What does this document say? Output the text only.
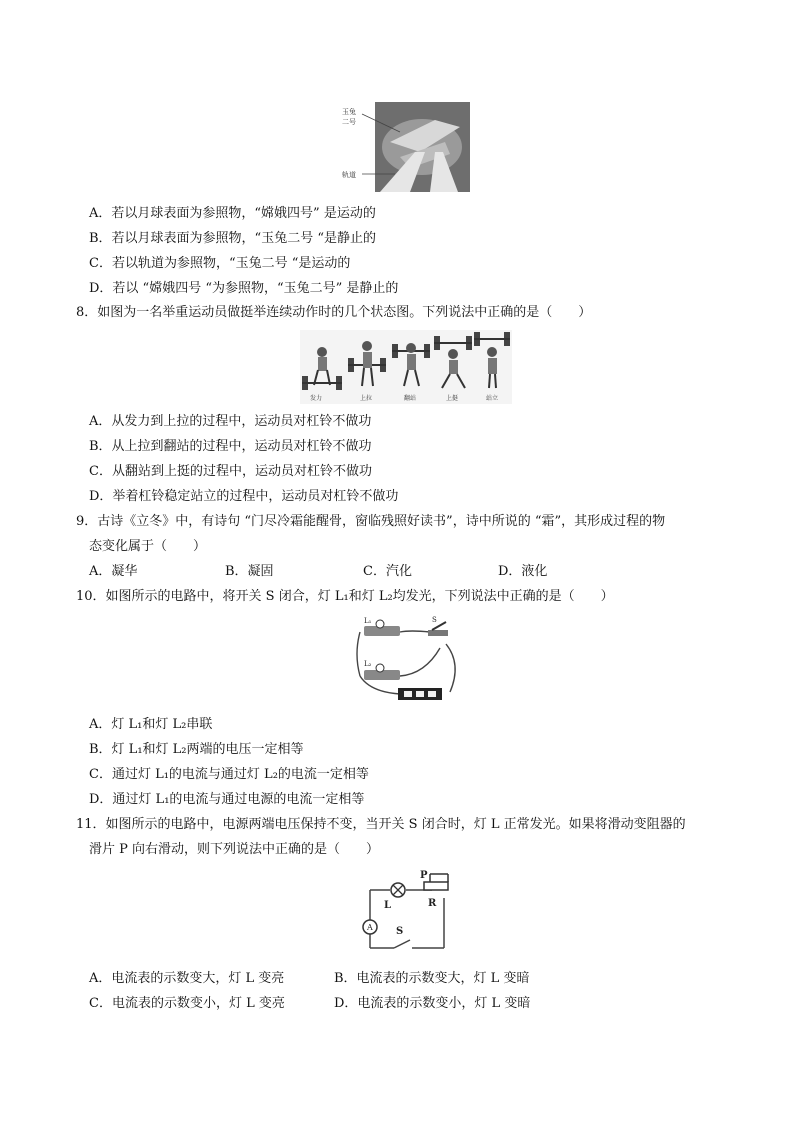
玉兔
二号
轨道
A．若以月球表面为参照物，“嫦娥四号” 是运动的
B．若以月球表面为参照物，“玉兔二号 “是静止的
C．若以轨道为参照物，“玉兔二号 “是运动的
D．若以 “嫦娥四号 “为参照物，“玉兔二号” 是静止的
8．如图为一名举重运动员做挺举连续动作时的几个状态图。下列说法中正确的是（　　）
发力	上拉	翻站	上挺	站立
A．从发力到上拉的过程中，运动员对杠铃不做功
B．从上拉到翻站的过程中，运动员对杠铃不做功
C．从翻站到上挺的过程中，运动员对杠铃不做功
D．举着杠铃稳定站立的过程中，运动员对杠铃不做功
9．古诗《立冬》中，有诗句 “门尽冷霜能醒骨，窗临残照好读书”，诗中所说的 “霜”，其形成过程的物
态变化属于（　　）
A．凝华	B．凝固	C．汽化	D．液化
10．如图所示的电路中，将开关 S 闭合，灯 L₁和灯 L₂均发光，下列说法中正确的是（　　）
L₁
L₂
S
A．灯 L₁和灯 L₂串联
B．灯 L₁和灯 L₂两端的电压一定相等
C．通过灯 L₁的电流与通过灯 L₂的电流一定相等
D．通过灯 L₁的电流与通过电源的电流一定相等
11．如图所示的电路中，电源两端电压保持不变，当开关 S 闭合时，灯 L 正常发光。如果将滑动变阻器的
滑片 P 向右滑动，则下列说法中正确的是（　　）
P
R
L
A S
A．电流表的示数变大，灯 L 变亮	B．电流表的示数变大，灯 L 变暗
C．电流表的示数变小，灯 L 变亮	D．电流表的示数变小，灯 L 变暗
